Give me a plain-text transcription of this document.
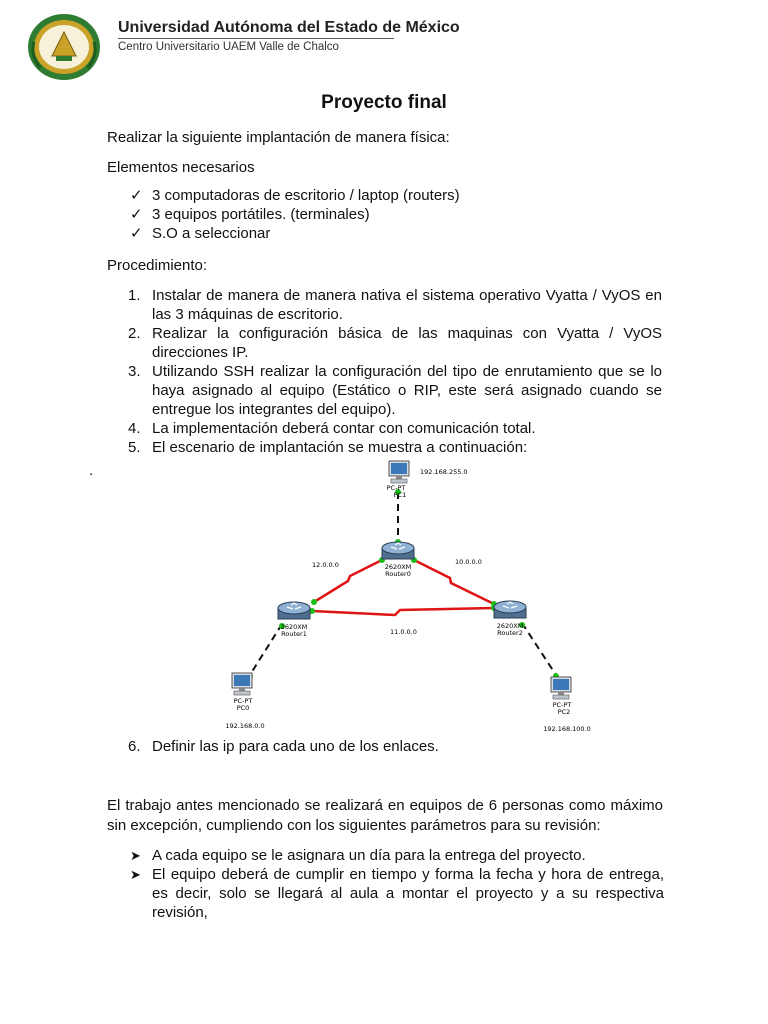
Universidad Autónoma del Estado de México
Centro Universitario UAEM Valle de Chalco
Proyecto final
Realizar la siguiente implantación de manera física:
Elementos necesarios
✓ 3 computadoras de escritorio / laptop (routers)
✓ 3 equipos portátiles. (terminales)
✓ S.O a seleccionar
Procedimiento:
1. Instalar de manera de manera nativa el sistema operativo Vyatta / VyOS en las 3 máquinas de escritorio.
2. Realizar la configuración básica de las maquinas con Vyatta / VyOS direcciones IP.
3. Utilizando SSH realizar la configuración del tipo de enrutamiento que se lo haya asignado al equipo (Estático o RIP, este será asignado cuando se entregue los integrantes del equipo).
4. La implementación deberá contar con comunicación total.
5. El escenario de implantación se muestra a continuación:
.
PC-PT
PC1
192.168.255.0
2620XM
Router0
2620XM
Router1
2620XM
Router2
PC-PT
PC0
192.168.0.0
PC-PT
PC2
192.168.100.0
12.0.0.0	10.0.0.0
11.0.0.0
6. Definir las ip para cada uno de los enlaces.
El trabajo antes mencionado se realizará en equipos de 6 personas como máximo sin excepción, cumpliendo con los siguientes parámetros para su revisión:
➤ A cada equipo se le asignara un día para la entrega del proyecto.
➤ El equipo deberá de cumplir en tiempo y forma la fecha y hora de entrega, es decir, solo se llegará al aula a montar el proyecto y a su respectiva revisión,
